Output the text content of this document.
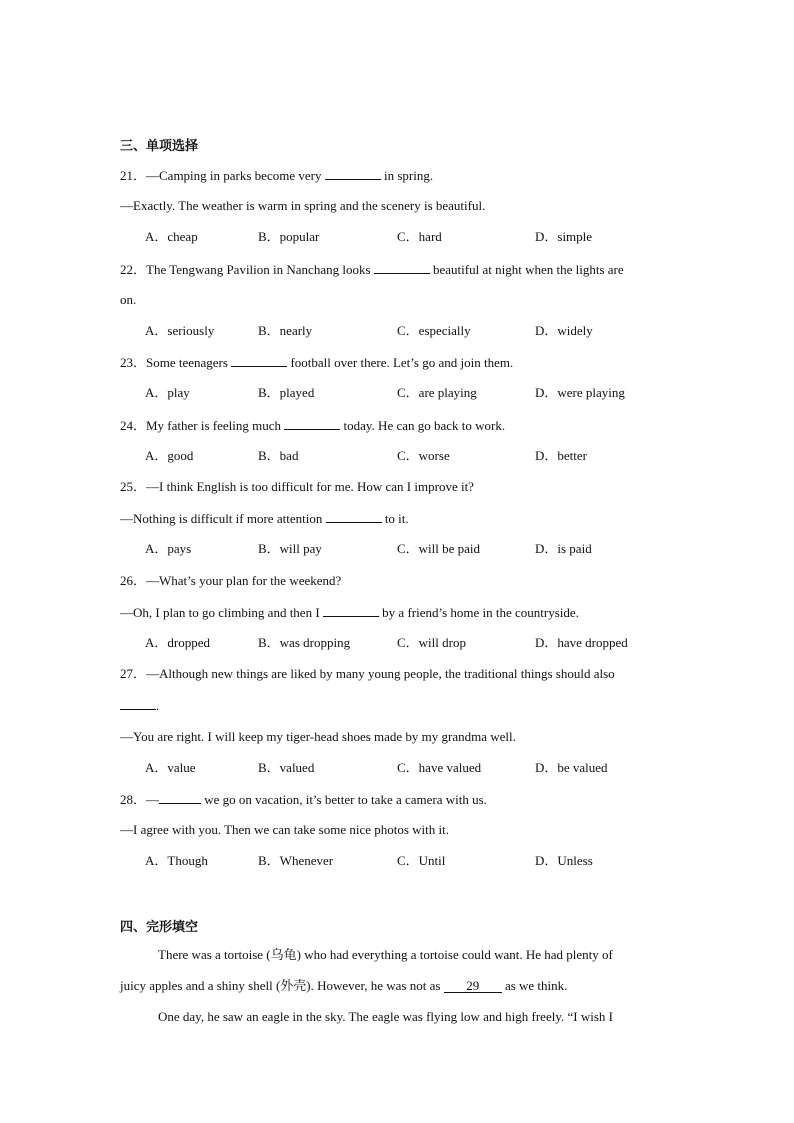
三、单项选择
21．—Camping in parks become very	in spring.
—Exactly. The weather is warm in spring and the scenery is beautiful.
A．cheap	B．popular	C．hard	D．simple
22．The Tengwang Pavilion in Nanchang looks	beautiful at night when the lights are
on.
A．seriously	B．nearly	C．especially	D．widely
23．Some teenagers	football over there. Let’s go and join them.
A．play	B．played	C．are playing	D．were playing
24．My father is feeling much	today. He can go back to work.
A．good	B．bad	C．worse	D．better
25．—I think English is too difficult for me. How can I improve it?
—Nothing is difficult if more attention	to it.
A．pays	B．will pay	C．will be paid	D．is paid
26．—What’s your plan for the weekend?
—Oh, I plan to go climbing and then I	by a friend’s home in the countryside.
A．dropped	B．was dropping	C．will drop	D．have dropped
27．—Although new things are liked by many young people, the traditional things should also
.
—You are right. I will keep my tiger-head shoes made by my grandma well.
A．value	B．valued	C．have valued	D．be valued
28．—	we go on vacation, it’s better to take a camera with us.
—I agree with you. Then we can take some nice photos with it.
A．Though	B．Whenever	C．Until	D．Unless
四、完形填空
There was a tortoise (乌龟) who had everything a tortoise could want. He had plenty of
juicy apples and a shiny shell (外壳). However, he was not as 29 as we think.
One day, he saw an eagle in the sky. The eagle was flying low and high freely. “I wish I
